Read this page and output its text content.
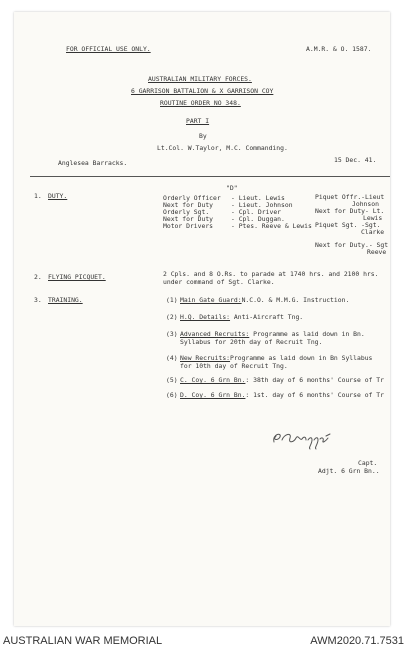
FOR OFFICIAL USE ONLY.	A.M.R. & O. 1587.
AUSTRALIAN MILITARY FORCES.
6 GARRISON BATTALION & X GARRISON COY
ROUTINE ORDER NO 348.
PART I
By
Lt.Col. W.Taylor, M.C. Commanding.
Anglesea Barracks.	15 Dec. 41.
1. DUTY.
"D"
Orderly Officer - Lieut. Lewis
Next for Duty	- Lieut. Johnson
Orderly Sgt.	- Cpl. Driver
Next for Duty	- Cpl. Duggan.
Motor Drivers	- Ptes. Reeve & Lewis
Piquet Offr.-Lieut
Johnson
Next for Duty- Lt.
Lewis
Piquet Sgt. -Sgt.
Clarke
Next for Duty.- Sgt
Reeve
2. FLYING PICQUET.	2 Cpls. and 8 O.Rs. to parade at 1740 hrs. and 2100 hrs.
under command of Sgt. Clarke.
3. TRAINING.	(1) Main Gate Guard:N.C.O. & M.M.G. Instruction.
(2) H.Q. Details: Anti-Aircraft Tng.
(3) Advanced Recruits: Programme as laid down in Bn.
Syllabus for 20th day of Recruit Tng.
(4) New Recruits:Programme as laid down in Bn Syllabus
for 10th day of Recruit Tng.
(5) C. Coy. 6 Grn Bn.: 38th day of 6 months' Course of Tr
(6) D. Coy. 6 Grn Bn.: 1st. day of 6 months' Course of Tr
Capt.
Adjt. 6 Grn Bn..
AUSTRALIAN WAR MEMORIAL	AWM2020.71.7531
